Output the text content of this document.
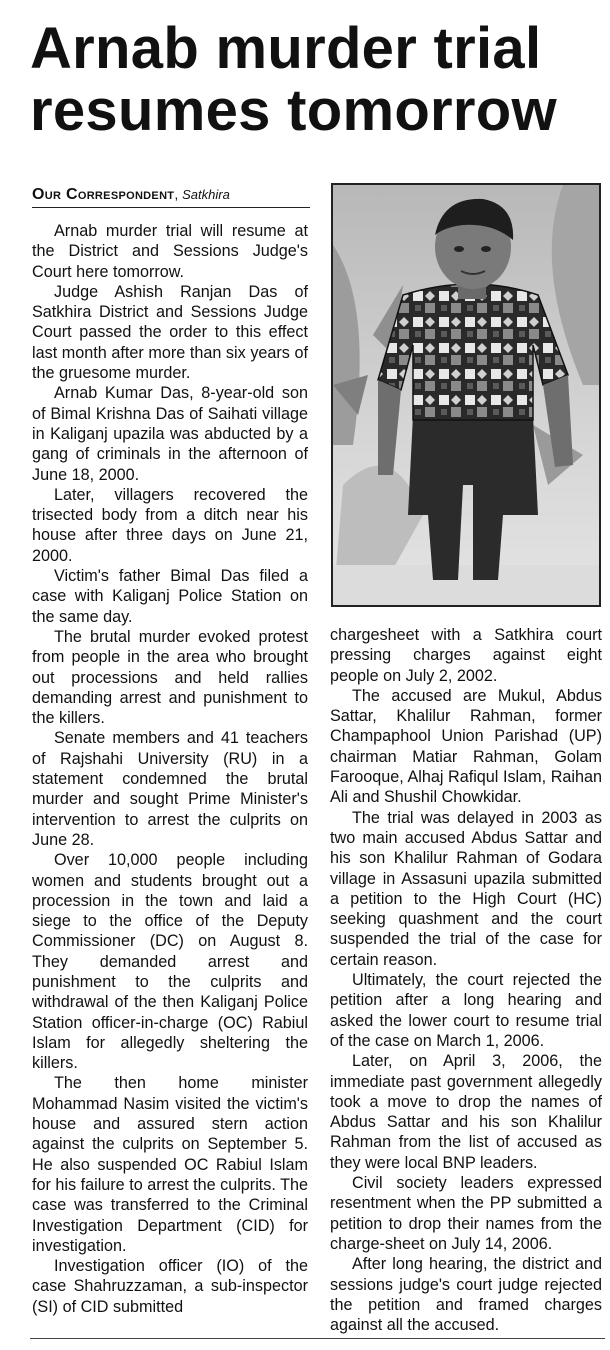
Arnab murder trial resumes tomorrow
Our Correspondent, Satkhira

Arnab murder trial will resume at the District and Sessions Judge's Court here tomorrow.

Judge Ashish Ranjan Das of Satkhira District and Sessions Judge Court passed the order to this effect last month after more than six years of the gruesome murder.

Arnab Kumar Das, 8-year-old son of Bimal Krishna Das of Saihati village in Kaliganj upazila was abducted by a gang of criminals in the afternoon of June 18, 2000.

Later, villagers recovered the trisected body from a ditch near his house after three days on June 21, 2000.

Victim's father Bimal Das filed a case with Kaliganj Police Station on the same day.

The brutal murder evoked protest from people in the area who brought out processions and held rallies demanding arrest and punishment to the killers.

Senate members and 41 teachers of Rajshahi University (RU) in a statement condemned the brutal murder and sought Prime Minister's intervention to arrest the culprits on June 28.

Over 10,000 people including women and students brought out a procession in the town and laid a siege to the office of the Deputy Commissioner (DC) on August 8. They demanded arrest and punishment to the culprits and withdrawal of the then Kaliganj Police Station officer-in-charge (OC) Rabiul Islam for allegedly sheltering the killers.

The then home minister Mohammad Nasim visited the victim's house and assured stern action against the culprits on September 5. He also suspended OC Rabiul Islam for his failure to arrest the culprits. The case was transferred to the Criminal Investigation Department (CID) for investigation.

Investigation officer (IO) of the case Shahruzzaman, a sub-inspector (SI) of CID submitted

chargesheet with a Satkhira court pressing charges against eight people on July 2, 2002.

The accused are Mukul, Abdus Sattar, Khalilur Rahman, former Champaphool Union Parishad (UP) chairman Matiar Rahman, Golam Farooque, Alhaj Rafiqul Islam, Raihan Ali and Shushil Chowkidar.

The trial was delayed in 2003 as two main accused Abdus Sattar and his son Khalilur Rahman of Godara village in Assasuni upazila submitted a petition to the High Court (HC) seeking quashment and the court suspended the trial of the case for certain reason.

Ultimately, the court rejected the petition after a long hearing and asked the lower court to resume trial of the case on March 1, 2006.

Later, on April 3, 2006, the immediate past government allegedly took a move to drop the names of Abdus Sattar and his son Khalilur Rahman from the list of accused as they were local BNP leaders.

Civil society leaders expressed resentment when the PP submitted a petition to drop their names from the charge-sheet on July 14, 2006.

After long hearing, the district and sessions judge's court judge rejected the petition and framed charges against all the accused.
